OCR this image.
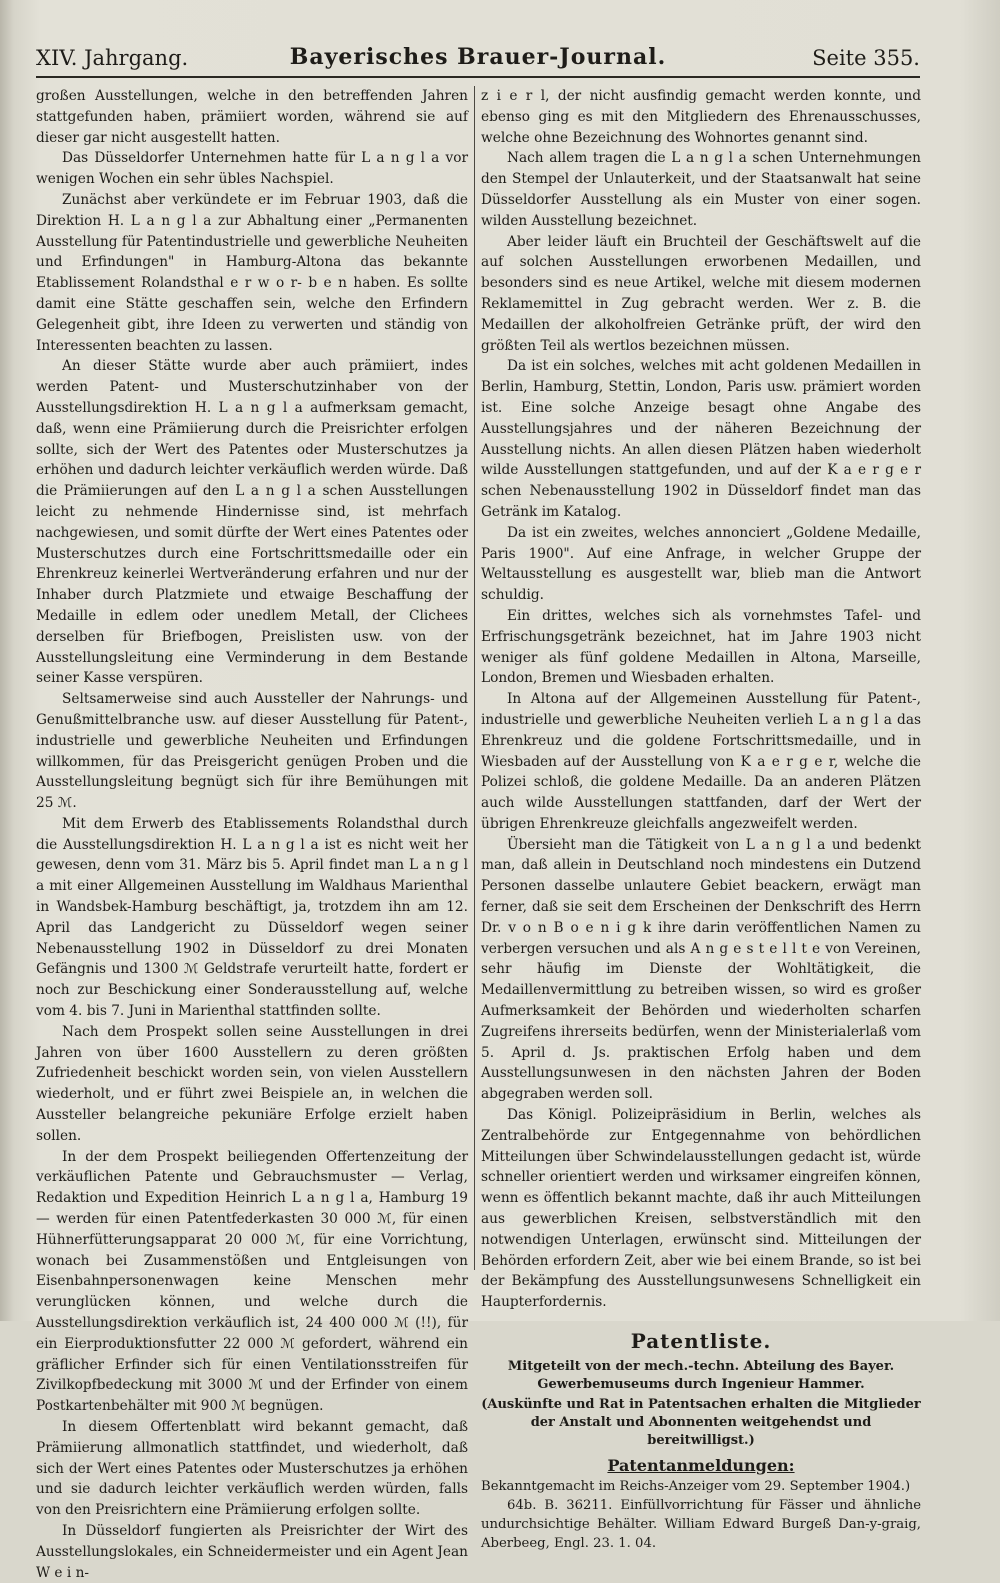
XIV. Jahrgang.	Bayerisches Brauer-Journal.	Seite 355.

großen Ausstellungen, welche in den betreffenden Jahren stattgefunden haben, prämiiert worden, während sie auf dieser gar nicht ausgestellt hatten.

Das Düsseldorfer Unternehmen hatte für L a n g l a vor wenigen Wochen ein sehr übles Nachspiel.

Zunächst aber verkündete er im Februar 1903, daß die Direktion H. L a n g l a zur Abhaltung einer „Permanenten Ausstellung für Patentindustrielle und gewerbliche Neuheiten und Erfindungen" in Hamburg-Altona das bekannte Etablissement Rolandsthal e r w o r- b e n haben. Es sollte damit eine Stätte geschaffen sein, welche den Erfindern Gelegenheit gibt, ihre Ideen zu verwerten und ständig von Interessenten beachten zu lassen.

An dieser Stätte wurde aber auch prämiiert, indes werden Patent- und Musterschutzinhaber von der Ausstellungsdirektion H. L a n g l a aufmerksam gemacht, daß, wenn eine Prämiierung durch die Preisrichter erfolgen sollte, sich der Wert des Patentes oder Musterschutzes ja erhöhen und dadurch leichter verkäuflich werden würde. Daß die Prämiierungen auf den L a n g l a schen Ausstellungen leicht zu nehmende Hindernisse sind, ist mehrfach nachgewiesen, und somit dürfte der Wert eines Patentes oder Musterschutzes durch eine Fortschrittsmedaille oder ein Ehrenkreuz keinerlei Wertveränderung erfahren und nur der Inhaber durch Platzmiete und etwaige Beschaffung der Medaille in edlem oder unedlem Metall, der Clichees derselben für Briefbogen, Preislisten usw. von der Ausstellungsleitung eine Verminderung in dem Bestande seiner Kasse verspüren.

Seltsamerweise sind auch Aussteller der Nahrungs- und Genußmittelbranche usw. auf dieser Ausstellung für Patent-, industrielle und gewerbliche Neuheiten und Erfindungen willkommen, für das Preisgericht genügen Proben und die Ausstellungsleitung begnügt sich für ihre Bemühungen mit 25 ℳ.

Mit dem Erwerb des Etablissements Rolandsthal durch die Ausstellungsdirektion H. L a n g l a ist es nicht weit her gewesen, denn vom 31. März bis 5. April findet man L a n g l a mit einer Allgemeinen Ausstellung im Waldhaus Marienthal in Wandsbek-Hamburg beschäftigt, ja, trotzdem ihn am 12. April das Landgericht zu Düsseldorf wegen seiner Nebenausstellung 1902 in Düsseldorf zu drei Monaten Gefängnis und 1300 ℳ Geldstrafe verurteilt hatte, fordert er noch zur Beschickung einer Sonderausstellung auf, welche vom 4. bis 7. Juni in Marienthal stattfinden sollte.

Nach dem Prospekt sollen seine Ausstellungen in drei Jahren von über 1600 Ausstellern zu deren größten Zufriedenheit beschickt worden sein, von vielen Ausstellern wiederholt, und er führt zwei Beispiele an, in welchen die Aussteller belangreiche pekuniäre Erfolge erzielt haben sollen.

In der dem Prospekt beiliegenden Offertenzeitung der verkäuflichen Patente und Gebrauchsmuster — Verlag, Redaktion und Expedition Heinrich L a n g l a, Hamburg 19 — werden für einen Patentfederkasten 30 000 ℳ, für einen Hühnerfütterungsapparat 20 000 ℳ, für eine Vorrichtung, wonach bei Zusammenstößen und Entgleisungen von Eisenbahnpersonenwagen keine Menschen mehr verunglücken können, und welche durch die Ausstellungsdirektion verkäuflich ist, 24 400 000 ℳ (!!), für ein Eierproduktionsfutter 22 000 ℳ gefordert, während ein gräflicher Erfinder sich für einen Ventilationsstreifen für Zivilkopfbedeckung mit 3000 ℳ und der Erfinder von einem Postkartenbehälter mit 900 ℳ begnügen.

In diesem Offertenblatt wird bekannt gemacht, daß Prämiierung allmonatlich stattfindet, und wiederholt, daß sich der Wert eines Patentes oder Musterschutzes ja erhöhen und sie dadurch leichter verkäuflich werden würden, falls von den Preisrichtern eine Prämiierung erfolgen sollte.

In Düsseldorf fungierten als Preisrichter der Wirt des Ausstellungslokales, ein Schneidermeister und ein Agent Jean W e i n-

z i e r l, der nicht ausfindig gemacht werden konnte, und ebenso ging es mit den Mitgliedern des Ehrenausschusses, welche ohne Bezeichnung des Wohnortes genannt sind.

Nach allem tragen die L a n g l a schen Unternehmungen den Stempel der Unlauterkeit, und der Staatsanwalt hat seine Düsseldorfer Ausstellung als ein Muster von einer sogen. wilden Ausstellung bezeichnet.

Aber leider läuft ein Bruchteil der Geschäftswelt auf die auf solchen Ausstellungen erworbenen Medaillen, und besonders sind es neue Artikel, welche mit diesem modernen Reklamemittel in Zug gebracht werden. Wer z. B. die Medaillen der alkoholfreien Getränke prüft, der wird den größten Teil als wertlos bezeichnen müssen.

Da ist ein solches, welches mit acht goldenen Medaillen in Berlin, Hamburg, Stettin, London, Paris usw. prämiert worden ist. Eine solche Anzeige besagt ohne Angabe des Ausstellungsjahres und der näheren Bezeichnung der Ausstellung nichts. An allen diesen Plätzen haben wiederholt wilde Ausstellungen stattgefunden, und auf der K a e r g e r schen Nebenausstellung 1902 in Düsseldorf findet man das Getränk im Katalog.

Da ist ein zweites, welches annonciert „Goldene Medaille, Paris 1900". Auf eine Anfrage, in welcher Gruppe der Weltausstellung es ausgestellt war, blieb man die Antwort schuldig.

Ein drittes, welches sich als vornehmstes Tafel- und Erfrischungsgetränk bezeichnet, hat im Jahre 1903 nicht weniger als fünf goldene Medaillen in Altona, Marseille, London, Bremen und Wiesbaden erhalten.

In Altona auf der Allgemeinen Ausstellung für Patent-, industrielle und gewerbliche Neuheiten verlieh L a n g l a das Ehrenkreuz und die goldene Fortschrittsmedaille, und in Wiesbaden auf der Ausstellung von K a e r g e r, welche die Polizei schloß, die goldene Medaille. Da an anderen Plätzen auch wilde Ausstellungen stattfanden, darf der Wert der übrigen Ehrenkreuze gleichfalls angezweifelt werden.

Übersieht man die Tätigkeit von L a n g l a und bedenkt man, daß allein in Deutschland noch mindestens ein Dutzend Personen dasselbe unlautere Gebiet beackern, erwägt man ferner, daß sie seit dem Erscheinen der Denkschrift des Herrn Dr. v o n B o e n i g k ihre darin veröffentlichen Namen zu verbergen versuchen und als A n g e s t e l l t e von Vereinen, sehr häufig im Dienste der Wohltätigkeit, die Medaillenvermittlung zu betreiben wissen, so wird es großer Aufmerksamkeit der Behörden und wiederholten scharfen Zugreifens ihrerseits bedürfen, wenn der Ministerialerlaß vom 5. April d. Js. praktischen Erfolg haben und dem Ausstellungsunwesen in den nächsten Jahren der Boden abgegraben werden soll.

Das Königl. Polizeipräsidium in Berlin, welches als Zentralbehörde zur Entgegennahme von behördlichen Mitteilungen über Schwindelausstellungen gedacht ist, würde schneller orientiert werden und wirksamer eingreifen können, wenn es öffentlich bekannt machte, daß ihr auch Mitteilungen aus gewerblichen Kreisen, selbstverständlich mit den notwendigen Unterlagen, erwünscht sind. Mitteilungen der Behörden erfordern Zeit, aber wie bei einem Brande, so ist bei der Bekämpfung des Ausstellungsunwesens Schnelligkeit ein Haupterfordernis.

Patentliste.
Mitgeteilt von der mech.-techn. Abteilung des Bayer. Gewerbemuseums durch Ingenieur Hammer.
(Auskünfte und Rat in Patentsachen erhalten die Mitglieder der Anstalt und Abonnenten weitgehendst und bereitwilligst.)
Patentanmeldungen:

Bekanntgemacht im Reichs-Anzeiger vom 29. September 1904.)

64b. B. 36211. Einfüllvorrichtung für Fässer und ähnliche undurchsichtige Behälter. William Edward Burgeß Dan-y-graig, Aberbeeg, Engl. 23. 1. 04.
